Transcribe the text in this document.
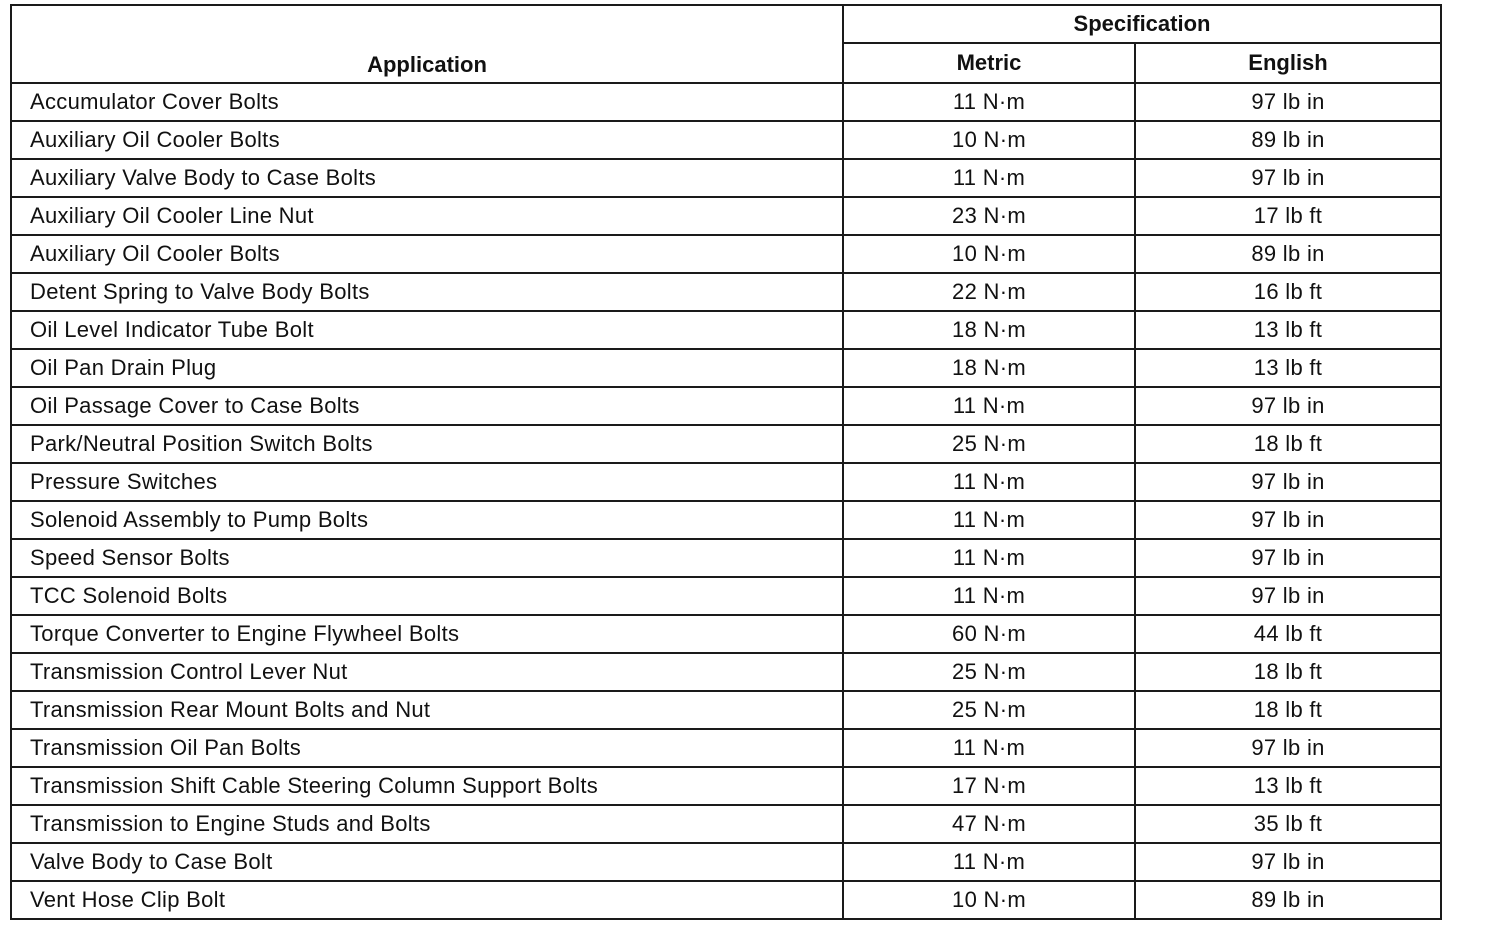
Application	Specification	
	Metric	English
Accumulator Cover Bolts	11 N·m	97 lb in
Auxiliary Oil Cooler Bolts	10 N·m	89 lb in
Auxiliary Valve Body to Case Bolts	11 N·m	97 lb in
Auxiliary Oil Cooler Line Nut	23 N·m	17 lb ft
Auxiliary Oil Cooler Bolts	10 N·m	89 lb in
Detent Spring to Valve Body Bolts	22 N·m	16 lb ft
Oil Level Indicator Tube Bolt	18 N·m	13 lb ft
Oil Pan Drain Plug	18 N·m	13 lb ft
Oil Passage Cover to Case Bolts	11 N·m	97 lb in
Park/Neutral Position Switch Bolts	25 N·m	18 lb ft
Pressure Switches	11 N·m	97 lb in
Solenoid Assembly to Pump Bolts	11 N·m	97 lb in
Speed Sensor Bolts	11 N·m	97 lb in
TCC Solenoid Bolts	11 N·m	97 lb in
Torque Converter to Engine Flywheel Bolts	60 N·m	44 lb ft
Transmission Control Lever Nut	25 N·m	18 lb ft
Transmission Rear Mount Bolts and Nut	25 N·m	18 lb ft
Transmission Oil Pan Bolts	11 N·m	97 lb in
Transmission Shift Cable Steering Column Support Bolts	17 N·m	13 lb ft
Transmission to Engine Studs and Bolts	47 N·m	35 lb ft
Valve Body to Case Bolt	11 N·m	97 lb in
Vent Hose Clip Bolt	10 N·m	89 lb in
